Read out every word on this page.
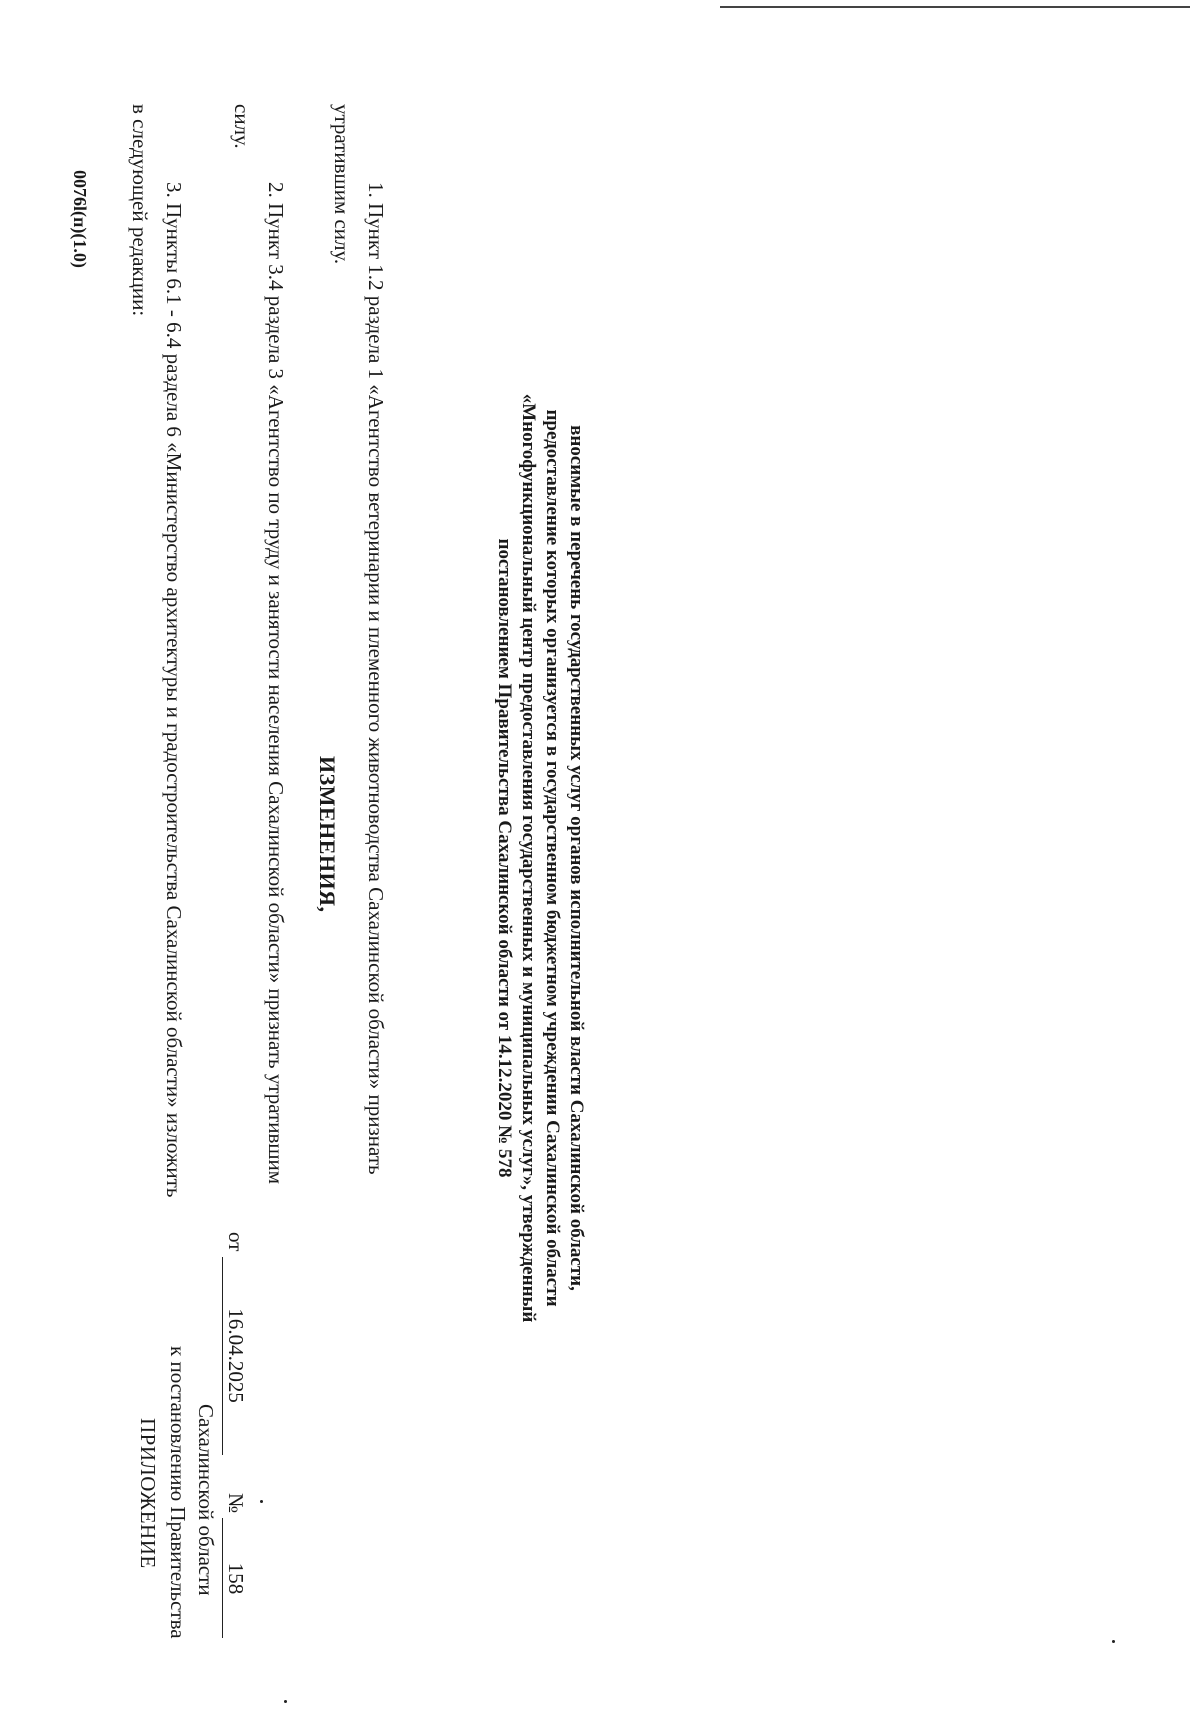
ПРИЛОЖЕНИЕ к постановлению Правительства Сахалинской области
от 16.04.2025  № 158
ИЗМЕНЕНИЯ,	вносимые в перечень государственных услуг органов исполнительной власти Сахалинской области,
предоставление которых организуется в государственном бюджетном учреждении Сахалинской области
«Многофункциональный центр предоставления государственных и муниципальных услуг», утвержденный
постановлением Правительства Сахалинской области от 14.12.2020 № 578
1. Пункт 1.2 раздела 1 «Агентство ветеринарии и племенного животноводства Сахалинской области» признать
утратившим силу.
2. Пункт 3.4 раздела 3 «Агентство по труду и занятости населения Сахалинской области» признать утратившим
силу.
3. Пункты 6.1 - 6.4 раздела 6 «Министерство архитектуры и градостроительства Сахалинской области» изложить
в следующей редакции:
0076l(п)(1.0)
